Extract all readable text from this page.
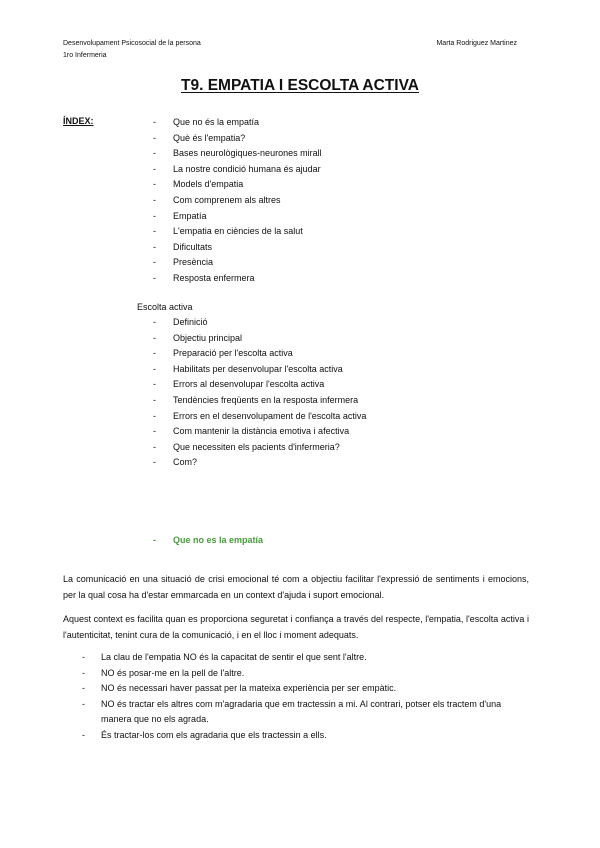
Desenvolupament Psicosocial de la persona
1ro Infermeria
Marta Rodriguez Martinez
T9. EMPATIA I ESCOLTA ACTIVA
ÍNDEX:	- Que no és la empatía
- Què és l'empatia?
- Bases neurològiques-neurones mirall
- La nostre condició humana és ajudar
- Models d'empatia
- Com comprenem als altres
- Empatía
- L'empatia en ciències de la salut
- Dificultats
- Presència
- Resposta enfermera
Escolta activa
- Definició
- Objectiu principal
- Preparació per l'escolta activa
- Habilitats per desenvolupar l'escolta activa
- Errors al desenvolupar l'escolta activa
- Tendències freqüents en la resposta infermera
- Errors en el desenvolupament de l'escolta activa
- Com mantenir la distància emotiva i afectiva
- Que necessiten els pacients d'infermeria?
- Com?
- Que no es la empatía

La comunicació en una situació de crisi emocional té com a objectiu facilitar l'expressió de sentiments i emocions, per la qual cosa ha d'estar emmarcada en un context d'ajuda i suport emocional.

Aquest context es facilita quan es proporciona seguretat i confiança a través del respecte, l'empatia, l'escolta activa i l'autenticitat, tenint cura de la comunicació, i en el lloc i moment adequats.

- La clau de l'empatia NO és la capacitat de sentir el que sent l'altre.
- NO és posar-me en la pell de l'altre.
- NO és necessari haver passat per la mateixa experiència per ser empàtic.
- NO és tractar els altres com m'agradaria que em tractessin a mi. Al contrari, potser els tractem d'una manera que no els agrada.
- És tractar-los com els agradaria que els tractessin a ells.
